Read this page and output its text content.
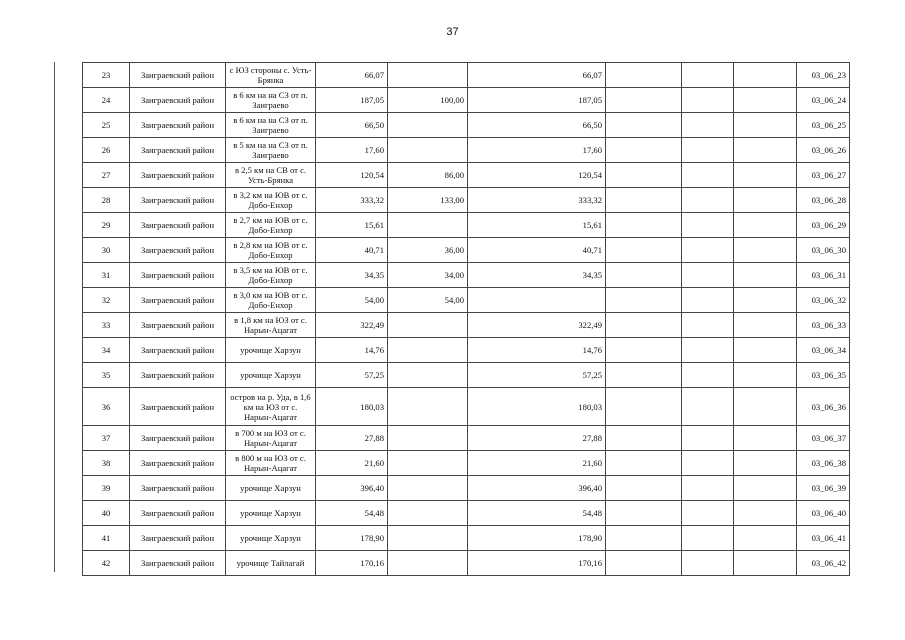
37
23	Заиграевский район	с ЮЗ стороны с. Усть-Брянка	66,07		66,07				03_06_23
24	Заиграевский район	в 6 км на на СЗ от п. Заиграево	187,05	100,00	187,05				03_06_24
25	Заиграевский район	в 6 км на на СЗ от п. Заиграево	66,50		66,50				03_06_25
26	Заиграевский район	в 5 км на на СЗ от п. Заиграево	17,60		17,60				03_06_26
27	Заиграевский район	в 2,5 км на СВ от с. Усть-Брянка	120,54	86,00	120,54				03_06_27
28	Заиграевский район	в 3,2 км на ЮВ от с. Добо-Енхор	333,32	133,00	333,32				03_06_28
29	Заиграевский район	в 2,7 км на ЮВ от с. Добо-Енхор	15,61		15,61				03_06_29
30	Заиграевский район	в 2,8 км на ЮВ от с. Добо-Енхор	40,71	36,00	40,71				03_06_30
31	Заиграевский район	в 3,5 км на ЮВ от с. Добо-Енхор	34,35	34,00	34,35				03_06_31
32	Заиграевский район	в 3,0 км на ЮВ от с. Добо-Енхор	54,00	54,00					03_06_32
33	Заиграевский район	в 1,8 км на ЮЗ от с. Нарын-Ацагат	322,49		322,49				03_06_33
34	Заиграевский район	урочище Харзун	14,76		14,76				03_06_34
35	Заиграевский район	урочище Харзун	57,25		57,25				03_06_35
36	Заиграевский район	остров на р. Уда, в 1,6 км на ЮЗ от с. Нарын-Ацагат	180,03		180,03				03_06_36
37	Заиграевский район	в 700 м на ЮЗ от с. Нарын-Ацагат	27,88		27,88				03_06_37
38	Заиграевский район	в 800 м на ЮЗ от с. Нарын-Ацагат	21,60		21,60				03_06_38
39	Заиграевский район	урочище Харзун	396,40		396,40				03_06_39
40	Заиграевский район	урочище Харзун	54,48		54,48				03_06_40
41	Заиграевский район	урочище Харзун	178,90		178,90				03_06_41
42	Заиграевский район	урочище Тайлагай	170,16		170,16				03_06_42
